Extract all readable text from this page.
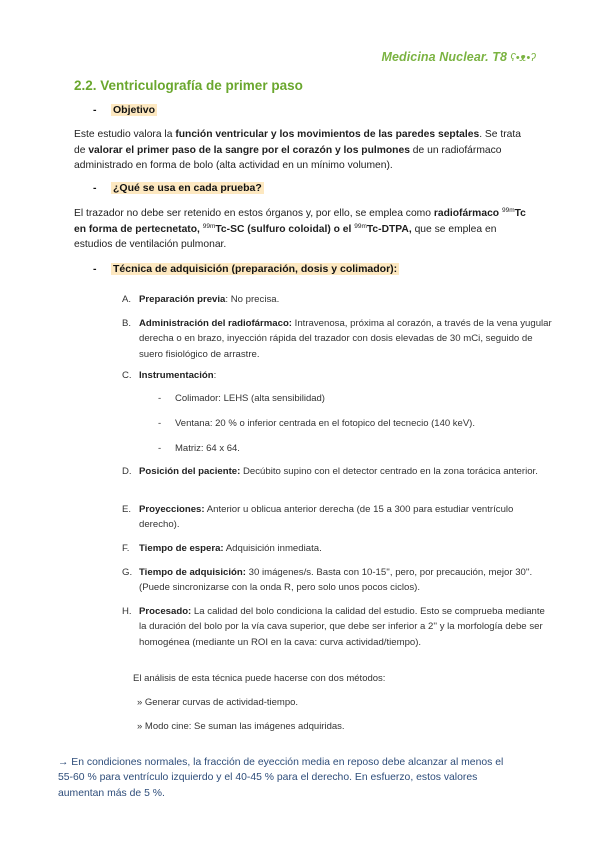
Medicina Nuclear. T8 ʕ•ᴥ•ʔ
2.2. Ventriculografía de primer paso
- Objetivo
Este estudio valora la función ventricular y los movimientos de las paredes septales. Se trata de valorar el primer paso de la sangre por el corazón y los pulmones de un radiofármaco administrado en forma de bolo (alta actividad en un mínimo volumen).
- ¿Qué se usa en cada prueba?
El trazador no debe ser retenido en estos órganos y, por ello, se emplea como radiofármaco $^{99m}$Tc en forma de pertecnetato, $^{99m}$Tc-SC (sulfuro coloidal) o el $^{99m}$Tc-DTPA, que se emplea en estudios de ventilación pulmonar.
- Técnica de adquisición (preparación, dosis y colimador):
A. Preparación previa: No precisa.
B. Administración del radiofármaco: Intravenosa, próxima al corazón, a través de la vena yugular derecha o en brazo, inyección rápida del trazador con dosis elevadas de 30 mCi, seguido de suero fisiológico de arrastre.
C. Instrumentación:
- Colimador: LEHS (alta sensibilidad)
- Ventana: 20 % o inferior centrada en el fotopico del tecnecio (140 keV).
- Matriz: 64 x 64.
D. Posición del paciente: Decúbito supino con el detector centrado en la zona torácica anterior.
E. Proyecciones: Anterior u oblicua anterior derecha (de 15 a 300 para estudiar ventrículo derecho).
F. Tiempo de espera: Adquisición inmediata.
G. Tiempo de adquisición: 30 imágenes/s. Basta con 10-15'', pero, por precaución, mejor 30''. (Puede sincronizarse con la onda R, pero solo unos pocos ciclos).
H. Procesado: La calidad del bolo condiciona la calidad del estudio. Esto se comprueba mediante la duración del bolo por la vía cava superior, que debe ser inferior a 2'' y la morfología debe ser homogénea (mediante un ROI en la cava: curva actividad/tiempo).
El análisis de esta técnica puede hacerse con dos métodos:
» Generar curvas de actividad-tiempo.
» Modo cine: Se suman las imágenes adquiridas.
→ En condiciones normales, la fracción de eyección media en reposo debe alcanzar al menos el 55-60 % para ventrículo izquierdo y el 40-45 % para el derecho. En esfuerzo, estos valores aumentan más de 5 %.
